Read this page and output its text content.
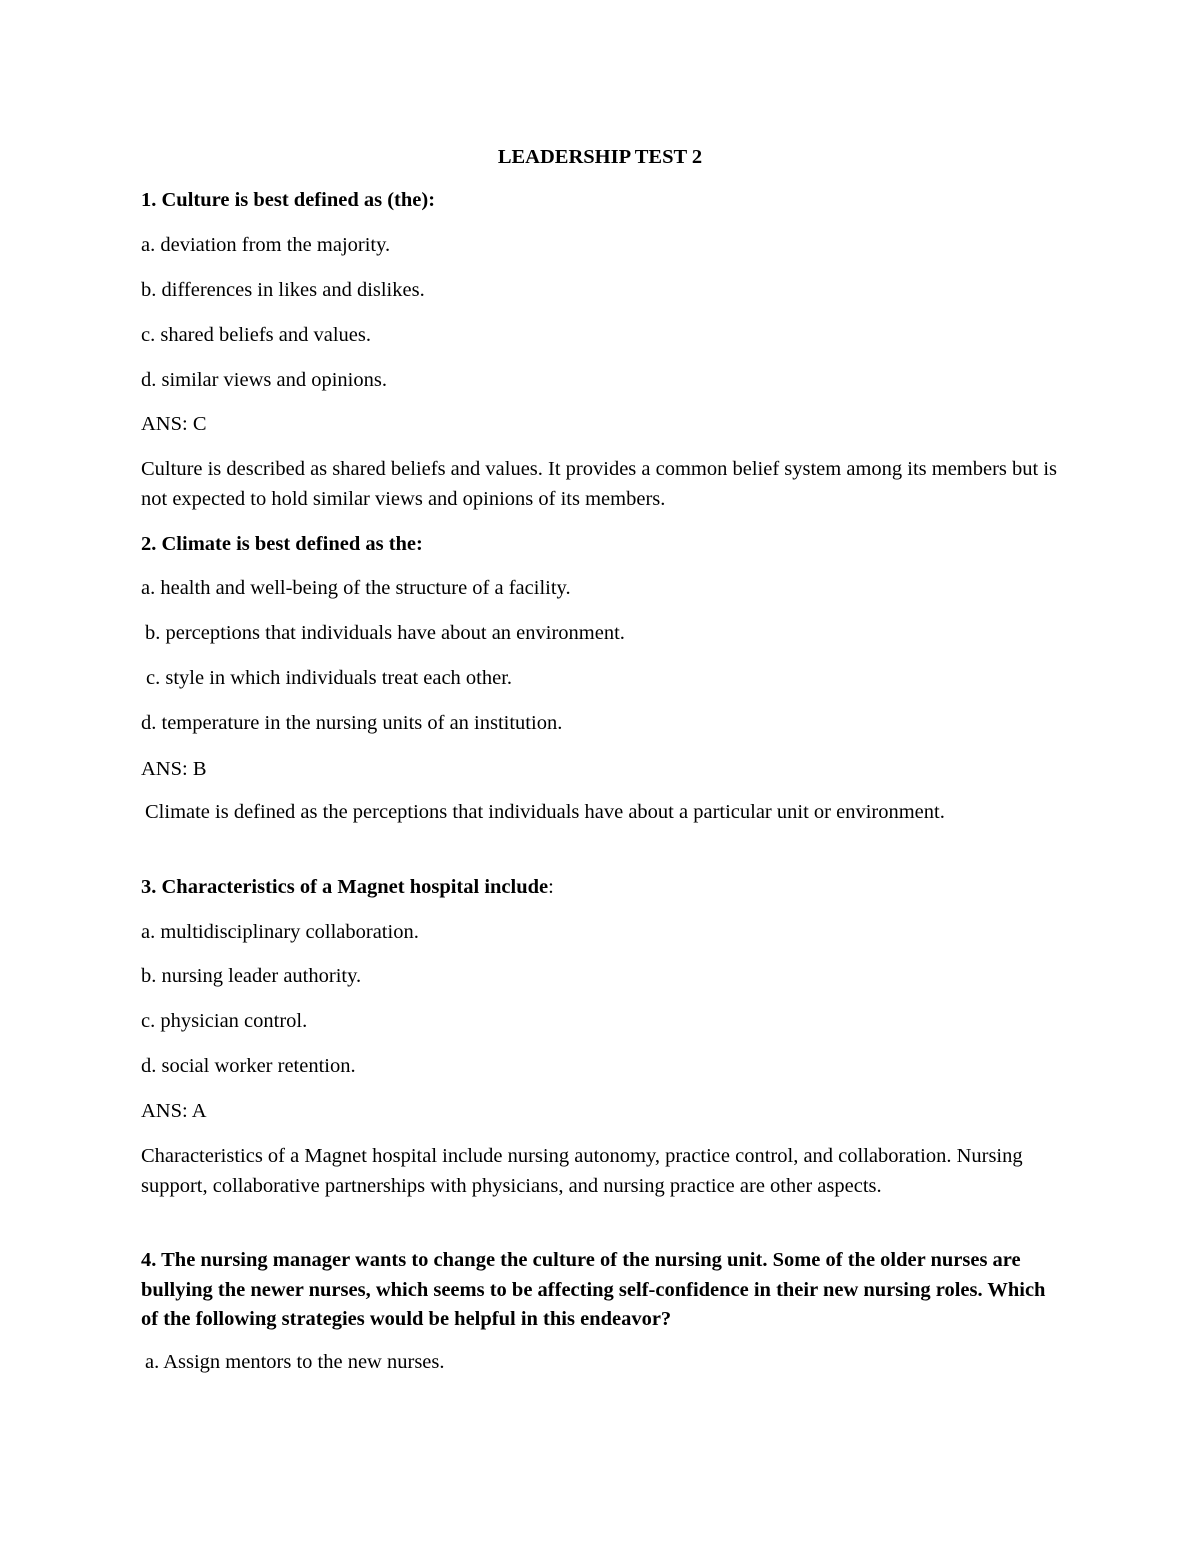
LEADERSHIP TEST 2

1. Culture is best defined as (the):

a. deviation from the majority.

b. differences in likes and dislikes.

c. shared beliefs and values.

d. similar views and opinions.

ANS: C

Culture is described as shared beliefs and values. It provides a common belief system among its members but is not expected to hold similar views and opinions of its members.

2. Climate is best defined as the:

a. health and well-being of the structure of a facility.

b. perceptions that individuals have about an environment.

c. style in which individuals treat each other.

d. temperature in the nursing units of an institution.

ANS: B

Climate is defined as the perceptions that individuals have about a particular unit or environment.

3. Characteristics of a Magnet hospital include:

a. multidisciplinary collaboration.

b. nursing leader authority.

c. physician control.

d. social worker retention.

ANS: A

Characteristics of a Magnet hospital include nursing autonomy, practice control, and collaboration. Nursing support, collaborative partnerships with physicians, and nursing practice are other aspects.

4. The nursing manager wants to change the culture of the nursing unit. Some of the older nurses are bullying the newer nurses, which seems to be affecting self-confidence in their new nursing roles. Which of the following strategies would be helpful in this endeavor?

a. Assign mentors to the new nurses.
